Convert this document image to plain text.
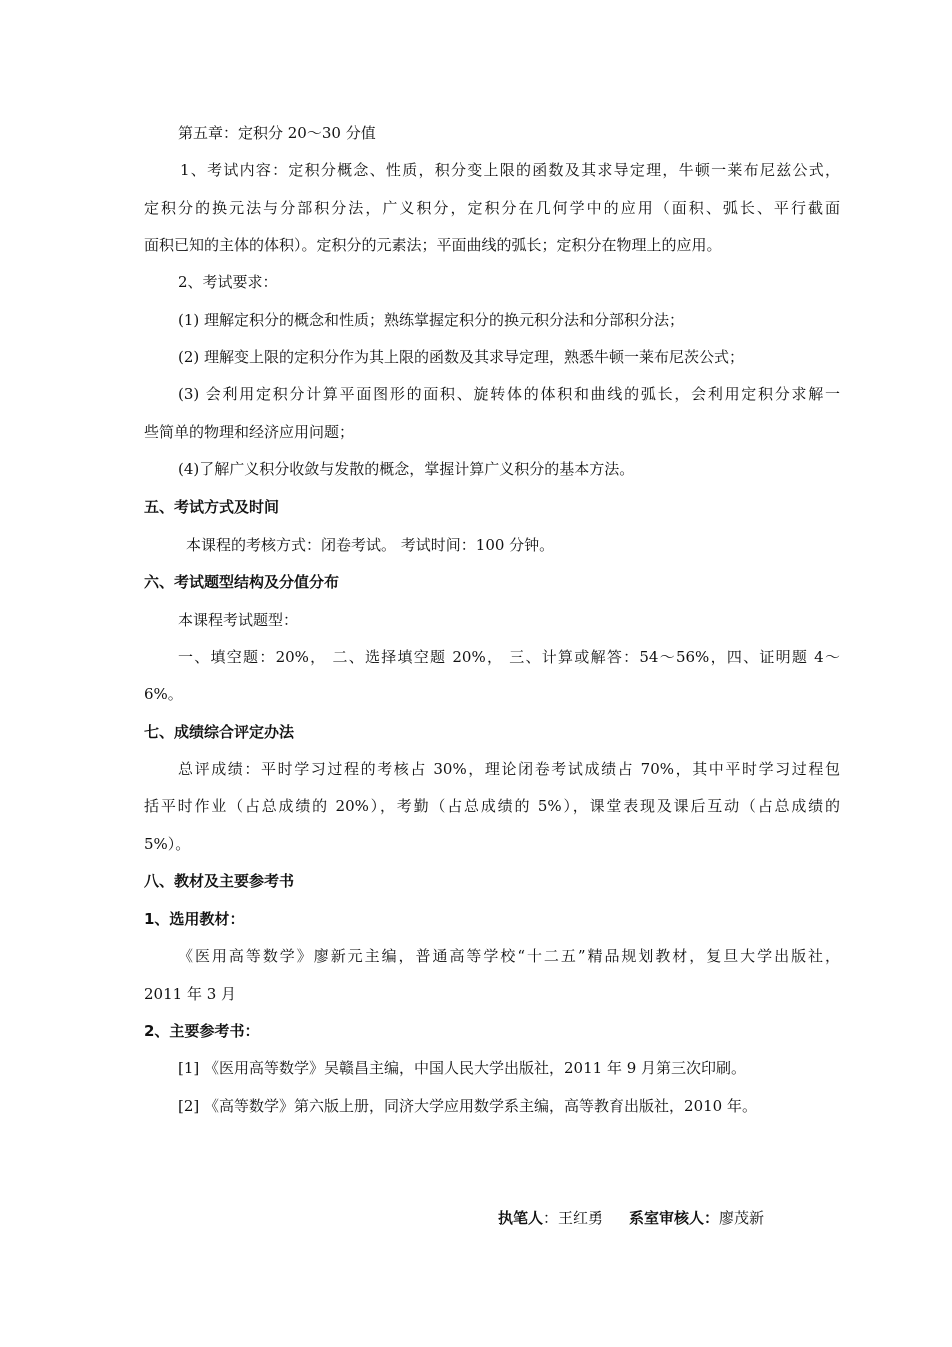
第五章：定积分 20～30 分值
1、考试内容：定积分概念、性质，积分变上限的函数及其求导定理，牛顿一莱布尼兹公式，
定积分的换元法与分部积分法，广义积分，定积分在几何学中的应用（面积、弧长、平行截面
面积已知的主体的体积）。定积分的元素法；平面曲线的弧长；定积分在物理上的应用。
2、考试要求：
(1) 理解定积分的概念和性质；熟练掌握定积分的换元积分法和分部积分法；
(2) 理解变上限的定积分作为其上限的函数及其求导定理，熟悉牛顿一莱布尼茨公式；
(3) 会利用定积分计算平面图形的面积、旋转体的体积和曲线的弧长，会利用定积分求解一
些简单的物理和经济应用问题；
(4)了解广义积分收敛与发散的概念，掌握计算广义积分的基本方法。
五、考试方式及时间
本课程的考核方式：闭卷考试。 考试时间：100 分钟。
六、考试题型结构及分值分布
本课程考试题型：
一、填空题：20%， 二、选择填空题 20%， 三、计算或解答：54～56%，四、证明题 4～
6%。
七、成绩综合评定办法
总评成绩：平时学习过程的考核占 30%，理论闭卷考试成绩占 70%，其中平时学习过程包
括平时作业（占总成绩的 20%），考勤（占总成绩的 5%），课堂表现及课后互动（占总成绩的
5%）。
八、教材及主要参考书
1、选用教材：
《医用高等数学》廖新元主编，普通高等学校“十二五”精品规划教材，复旦大学出版社，
2011 年 3 月
2、主要参考书：
[1] 《医用高等数学》吴赣昌主编，中国人民大学出版社，2011 年 9 月第三次印刷。
[2] 《高等数学》第六版上册，同济大学应用数学系主编，高等教育出版社，2010 年。
执笔人：王红勇 系室审核人：廖茂新
